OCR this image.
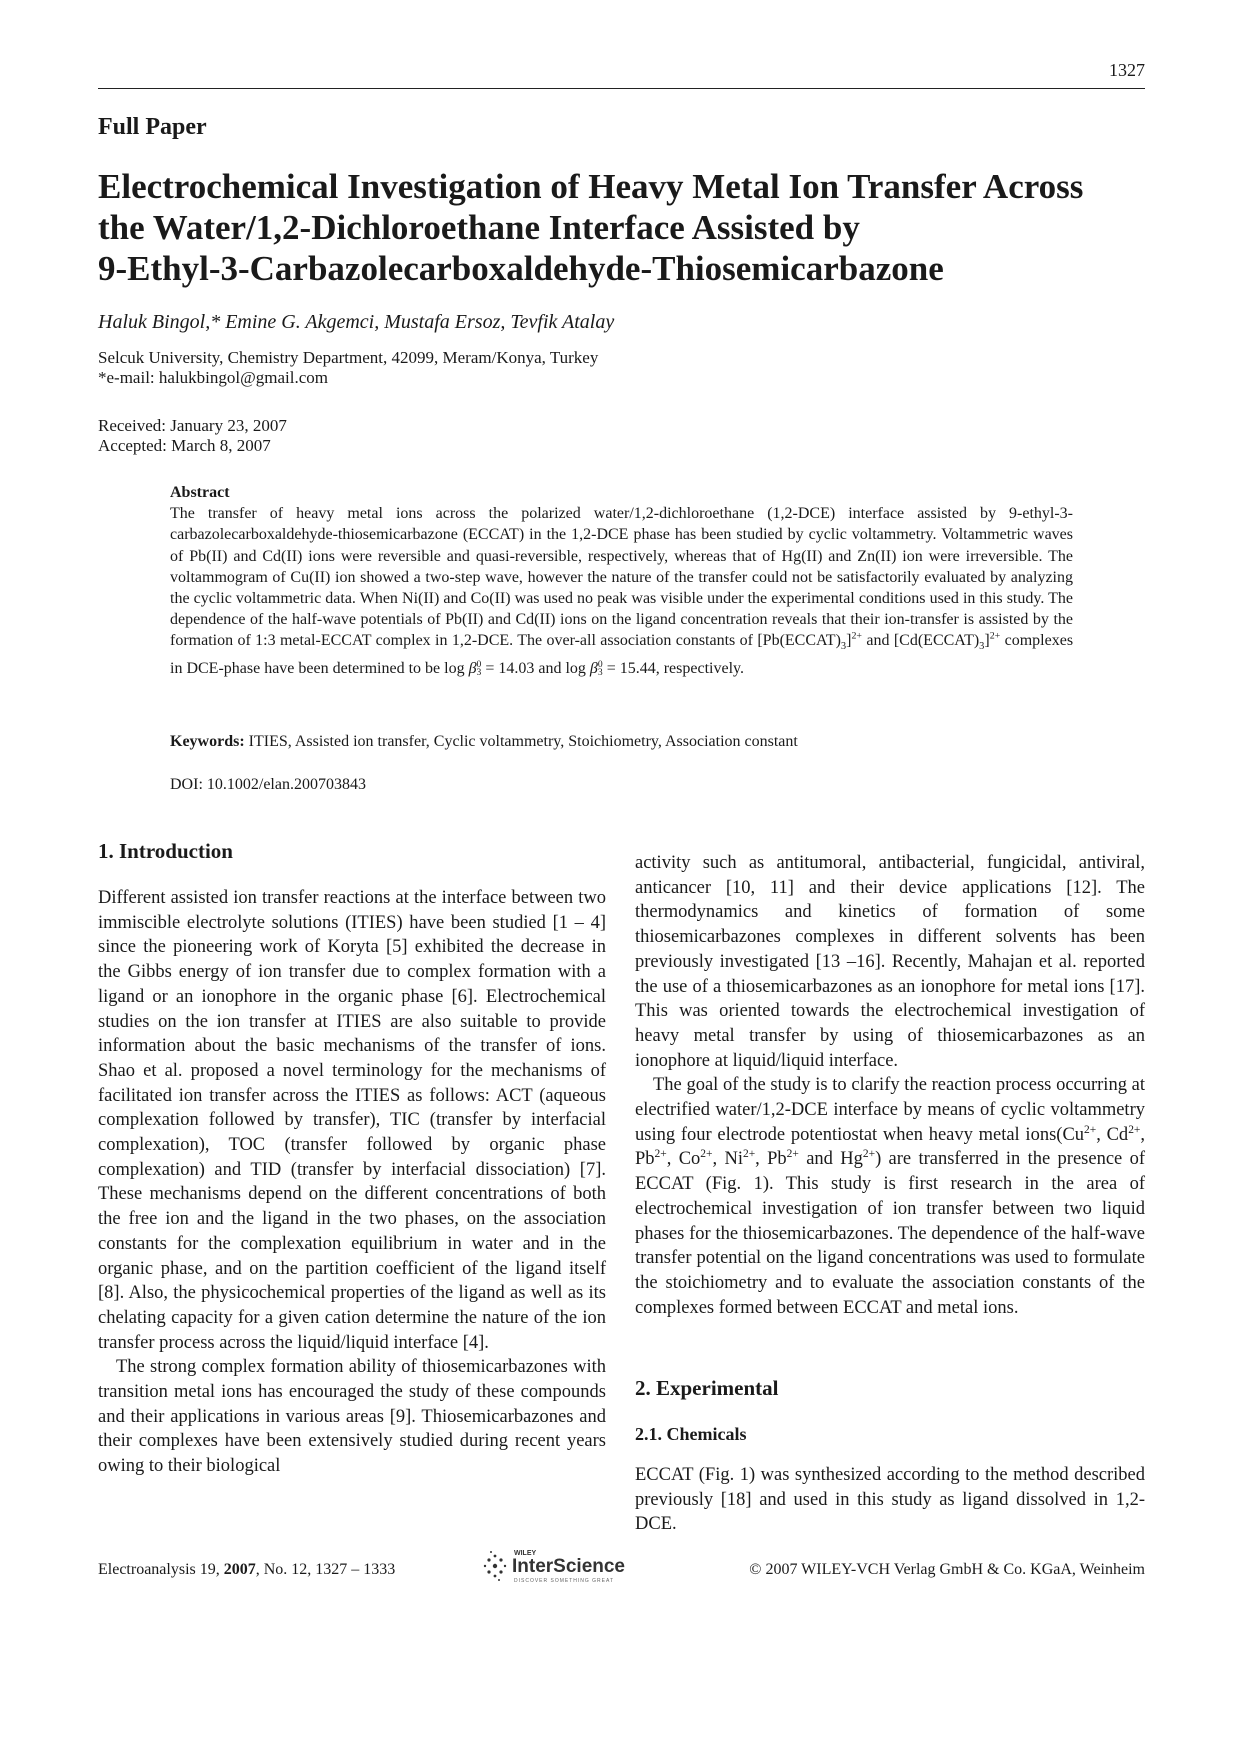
1327
Full Paper
Electrochemical Investigation of Heavy Metal Ion Transfer Across
the Water/1,2-Dichloroethane Interface Assisted by
9-Ethyl-3-Carbazolecarboxaldehyde-Thiosemicarbazone
Haluk Bingol,* Emine G. Akgemci, Mustafa Ersoz, Tevfik Atalay
Selcuk University, Chemistry Department, 42099, Meram/Konya, Turkey
*e-mail: halukbingol@gmail.com
Received: January 23, 2007
Accepted: March 8, 2007
Abstract
The transfer of heavy metal ions across the polarized water/1,2-dichloroethane (1,2-DCE) interface assisted by 9-ethyl-3-carbazolecarboxaldehyde-thiosemicarbazone (ECCAT) in the 1,2-DCE phase has been studied by cyclic voltammetry. Voltammetric waves of Pb(II) and Cd(II) ions were reversible and quasi-reversible, respectively, whereas that of Hg(II) and Zn(II) ion were irreversible. The voltammogram of Cu(II) ion showed a two-step wave, however the nature of the transfer could not be satisfactorily evaluated by analyzing the cyclic voltammetric data. When Ni(II) and Co(II) was used no peak was visible under the experimental conditions used in this study. The dependence of the half-wave potentials of Pb(II) and Cd(II) ions on the ligand concentration reveals that their ion-transfer is assisted by the formation of 1:3 metal-ECCAT complex in 1,2-DCE. The over-all association constants of $[Pb(ECCAT)_3]^{2+}$ and $[Cd(ECCAT)_3]^{2+}$ complexes in DCE-phase have been determined to be log β 0
3 = 14.03 and log β 0
3 = 15.44, respectively.
Keywords: ITIES, Assisted ion transfer, Cyclic voltammetry, Stoichiometry, Association constant
DOI: 10.1002/elan.200703843
1. Introduction

Different assisted ion transfer reactions at the interface between two immiscible electrolyte solutions (ITIES) have been studied [1 – 4] since the pioneering work of Koryta [5] exhibited the decrease in the Gibbs energy of ion transfer due to complex formation with a ligand or an ionophore in the organic phase [6]. Electrochemical studies on the ion transfer at ITIES are also suitable to provide information about the basic mechanisms of the transfer of ions. Shao et al. proposed a novel terminology for the mechanisms of facilitated ion transfer across the ITIES as follows: ACT (aqueous complexation followed by transfer), TIC (transfer by interfacial complexation), TOC (transfer followed by organic phase complexation) and TID (transfer by interfacial dissociation) [7]. These mechanisms depend on the different concentrations of both the free ion and the ligand in the two phases, on the association constants for the complexation equilibrium in water and in the organic phase, and on the partition coefficient of the ligand itself [8]. Also, the physicochemical properties of the ligand as well as its chelating capacity for a given cation determine the nature of the ion transfer process across the liquid/liquid interface [4].

The strong complex formation ability of thiosemicarbazones with transition metal ions has encouraged the study of these compounds and their applications in various areas [9]. Thiosemicarbazones and their complexes have been extensively studied during recent years owing to their biological

activity such as antitumoral, antibacterial, fungicidal, antiviral, anticancer [10, 11] and their device applications [12]. The thermodynamics and kinetics of formation of some thiosemicarbazones complexes in different solvents has been previously investigated [13 –16]. Recently, Mahajan et al. reported the use of a thiosemicarbazones as an ionophore for metal ions [17]. This was oriented towards the electrochemical investigation of heavy metal transfer by using of thiosemicarbazones as an ionophore at liquid/liquid interface.

The goal of the study is to clarify the reaction process occurring at electrified water/1,2-DCE interface by means of cyclic voltammetry using four electrode potentiostat when heavy metal $ions(Cu^{2+}$, $Cd^{2+}$, $Pb^{2+}$, $Co^{2+}$, $Ni^{2+}$, $Pb^{2+}$ and $Hg^{2+}$) are transferred in the presence of ECCAT (Fig. 1). This study is first research in the area of electrochemical investigation of ion transfer between two liquid phases for the thiosemicarbazones. The dependence of the half-wave transfer potential on the ligand concentrations was used to formulate the stoichiometry and to evaluate the association constants of the complexes formed between ECCAT and metal ions.

2. Experimental
2.1. Chemicals

ECCAT (Fig. 1) was synthesized according to the method described previously [18] and used in this study as ligand dissolved in 1,2-DCE.

Electroanalysis 19, 2007, No. 12, 1327 – 1333
WILEY
InterScience
DISCOVER SOMETHING GREAT
© 2007 WILEY-VCH Verlag GmbH & Co. KGaA, Weinheim
